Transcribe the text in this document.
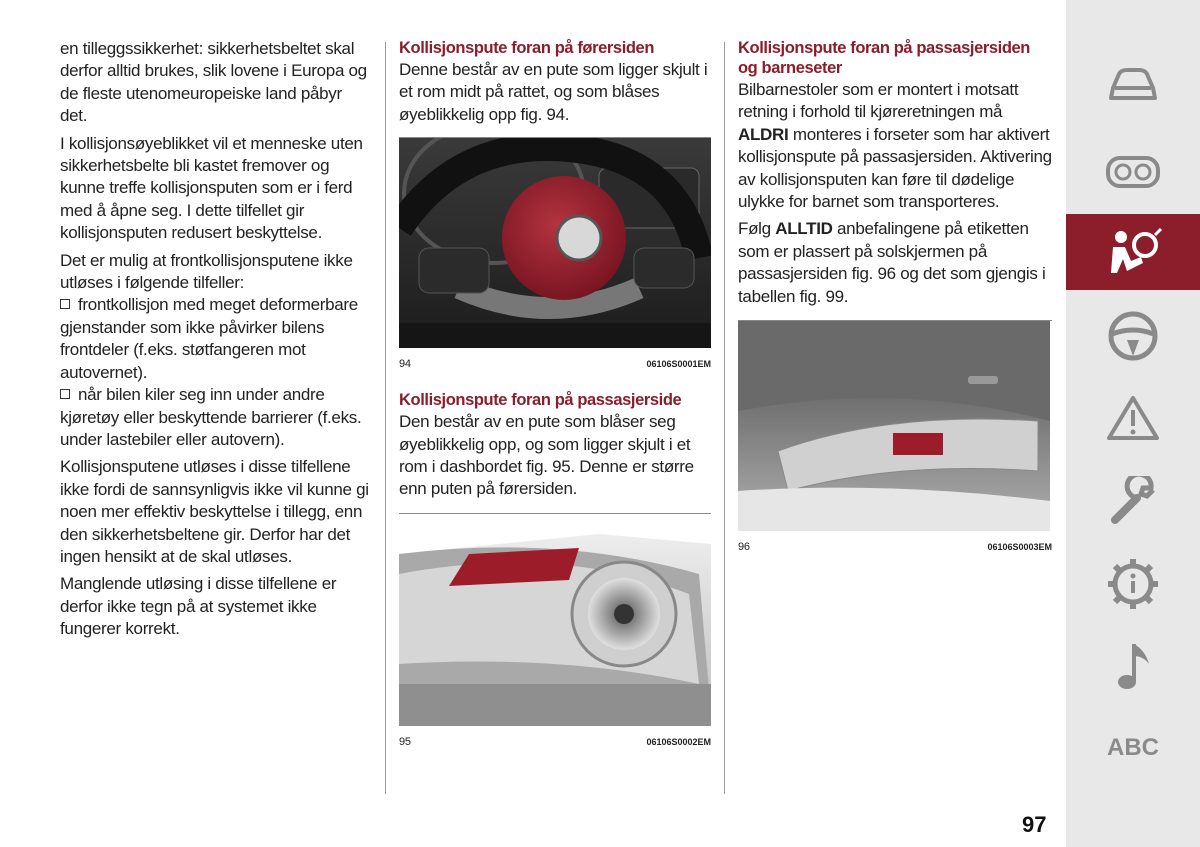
en tilleggssikkerhet: sikkerhetsbeltet skal derfor alltid brukes, slik lovene i Europa og de fleste utenomeuropeiske land påbyr det.

I kollisjonsøyeblikket vil et menneske uten sikkerhetsbelte bli kastet fremover og kunne treffe kollisjonsputen som er i ferd med å åpne seg. I dette tilfellet gir kollisjonsputen redusert beskyttelse.

Det er mulig at frontkollisjonsputene ikke utløses i følgende tilfeller:

frontkollisjon med meget deformerbare gjenstander som ikke påvirker bilens frontdeler (f.eks. støtfangeren mot autovernet).

når bilen kiler seg inn under andre kjøretøy eller beskyttende barrierer (f.eks. under lastebiler eller autovern).

Kollisjonsputene utløses i disse tilfellene ikke fordi de sannsynligvis ikke vil kunne gi noen mer effektiv beskyttelse i tillegg, enn den sikkerhetsbeltene gir. Derfor har det ingen hensikt at de skal utløses.

Manglende utløsing i disse tilfellene er derfor ikke tegn på at systemet ikke fungerer korrekt.

Kollisjonspute foran på førersiden

Denne består av en pute som ligger skjult i et rom midt på rattet, og som blåses øyeblikkelig opp fig. 94.

94	06106S0001EM
Kollisjonspute foran på passasjerside

Den består av en pute som blåser seg øyeblikkelig opp, og som ligger skjult i et rom i dashbordet fig. 95. Denne er større enn puten på førersiden.

95	06106S0002EM
Kollisjonspute foran på passasjersiden og barneseter

Bilbarnestoler som er montert i motsatt retning i forhold til kjøreretningen må ALDRI monteres i forseter som har aktivert kollisjonspute på passasjersiden. Aktivering av kollisjonsputen kan føre til dødelige ulykke for barnet som transporteres.

Følg ALLTID anbefalingene på etiketten som er plassert på solskjermen på passasjersiden fig. 96 og det som gjengis i tabellen fig. 99.

96	06106S0003EM
ABC
97
